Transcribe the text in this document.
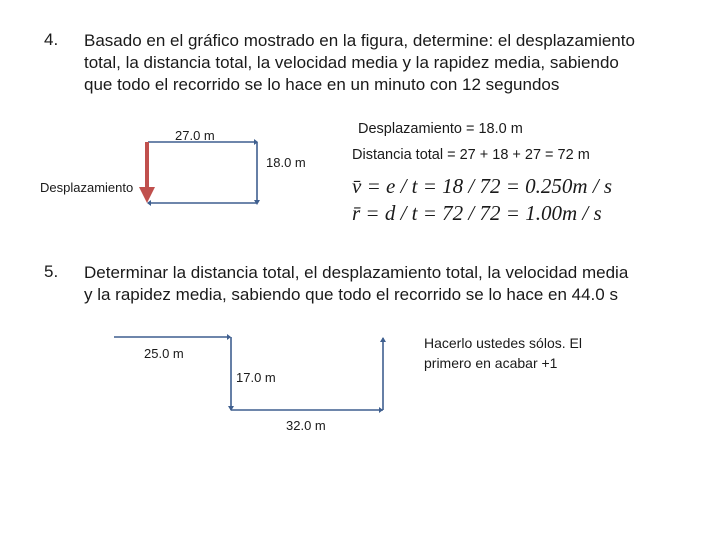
4. Basado en el gráfico mostrado en la figura, determine: el desplazamiento
total, la distancia total, la velocidad media y la rapidez media, sabiendo
que todo el recorrido se lo hace en un minuto con 12 segundos
27.0 m
18.0 m
Desplazamiento
Desplazamiento = 18.0 m
Distancia total = 27 + 18 + 27 = 72 m
v̄ = e / t = 18 / 72 = 0.250m / s
r̄ = d / t = 72 / 72 = 1.00m / s
5. Determinar la distancia total, el desplazamiento total, la velocidad media
y la rapidez media, sabiendo que todo el recorrido se lo hace en 44.0 s
25.0 m
17.0 m
32.0 m
Hacerlo ustedes sólos. El
primero en acabar +1
